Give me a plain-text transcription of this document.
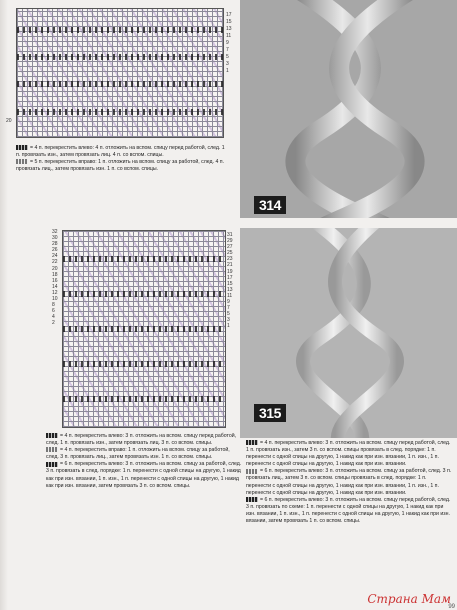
17
15
13
11
9
7
5
3
1
20
314

= 4 п. перекрестить влево: 4 п. отложить на вспом. спицу перед работой, след. 1 п. провязать изн., затем провязать лиц. 4 п. со вспом. спицы.

= 5 п. перекрестить вправо: 1 п. отложить на вспом. спицу за работой, след. 4 п. провязать лиц., затем провязать изн. 1 п. со вспом. спицы.

32
30
28
26
24
22
20
18
16
14
12
10
8
6
4
2
31
29
27
25
23
21
19
17
15
13
11
9
7
5
3
1
315

= 4 п. перекрестить влево: 3 п. отложить на вспом. спицу перед работой, след. 1 п. провязать изн., затем провязать лиц. 3 п. со вспом. спицы.

= 4 п. перекрестить вправо: 1 п. отложить на вспом. спицу за работой, след. 3 п. провязать лиц., затем провязать изн. 1 п. со вспом. спицы.

= 6 п. перекрестить влево: 3 п. отложить на вспом. спицу за работой, след. 3 п. провязать в след. порядке: 1 п. перенести с одной спицы на другую, 1 накид как при изн. вязании, 1 п. изн., 1 п. перенести с одной спицы на другую, 1 накид как при изн. вязании, затем провязать 3 п. со вспом. спицы.

= 4 п. перекрестить влево: 3 п. отложить на вспом. спицу перед работой, след. 1 п. провязать изн., затем 3 п. со вспом. спицы провязать в след. порядке: 1 п. перенести с одной спицы на другую, 1 накид как при изн. вязании, 1 п. изн., 1 п. перенести с одной спицы на другую, 1 накид как при изн. вязании.

= 6 п. перекрестить влево: 3 п. отложить на вспом. спицу за работой, след. 3 п. провязать лиц., затем 3 п. со вспом. спицы провязать в след. порядке: 1 п. перенести с одной спицы на другую, 1 накид как при изн. вязании, 1 п. изн., 1 п. перенести с одной спицы на другую, 1 накид как при изн. вязании.

= 6 п. перекрестить влево: 3 п. отложить на вспом. спицу перед работой, след. 3 п. провязать по схеме: 1 п. перенести с одной спицы на другую, 1 накид как при изн. вязании, 1 п. изн., 1 п. перенести с одной спицы на другую, 1 накид как при изн. вязании, затем провязать 1 п. со вспом. спицы.

Страна Мам
99
